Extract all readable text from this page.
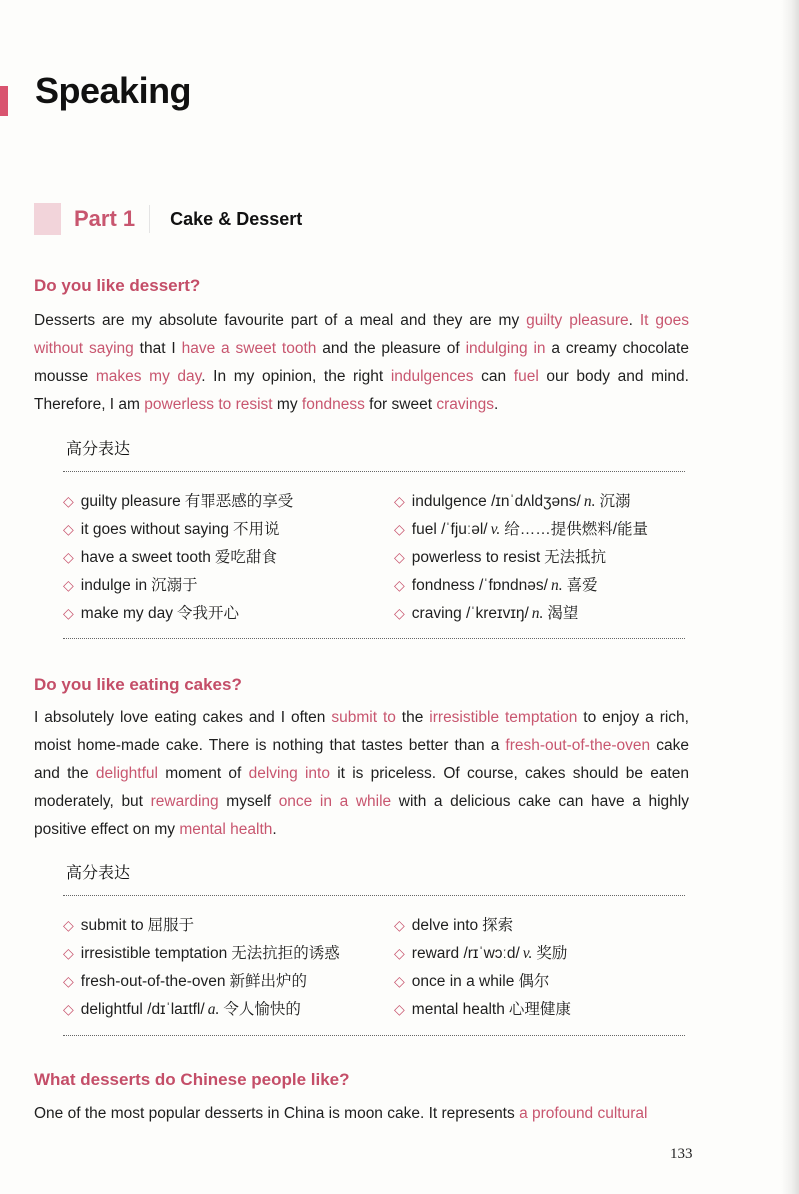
Speaking
Part 1 Cake & Dessert
Do you like dessert?

Desserts are my absolute favourite part of a meal and they are my guilty pleasure. It goes without saying that I have a sweet tooth and the pleasure of indulging in a creamy chocolate mousse makes my day. In my opinion, the right indulgences can fuel our body and mind. Therefore, I am powerless to resist my fondness for sweet cravings.

高分表达
◇ guilty pleasure 有罪恶感的享受	◇ indulgence /ɪnˈdʌldʒəns/ n. 沉溺
◇ it goes without saying 不用说	◇ fuel /ˈfjuːəl/ v. 给……提供燃料/能量
◇ have a sweet tooth 爱吃甜食	◇ powerless to resist 无法抵抗
◇ indulge in 沉溺于	◇ fondness /ˈfɒndnəs/ n. 喜爱
◇ make my day 令我开心	◇ craving /ˈkreɪvɪŋ/ n. 渴望
Do you like eating cakes?

I absolutely love eating cakes and I often submit to the irresistible temptation to enjoy a rich, moist home-made cake. There is nothing that tastes better than a fresh-out-of-the-oven cake and the delightful moment of delving into it is priceless. Of course, cakes should be eaten moderately, but rewarding myself once in a while with a delicious cake can have a highly positive effect on my mental health.

高分表达
◇ submit to 屈服于	◇ delve into 探索
◇ irresistible temptation 无法抗拒的诱惑	◇ reward /rɪˈwɔːd/ v. 奖励
◇ fresh-out-of-the-oven 新鲜出炉的	◇ once in a while 偶尔
◇ delightful /dɪˈlaɪtfl/ a. 令人愉快的	◇ mental health 心理健康
What desserts do Chinese people like?

One of the most popular desserts in China is moon cake. It represents a profound cultural

133
